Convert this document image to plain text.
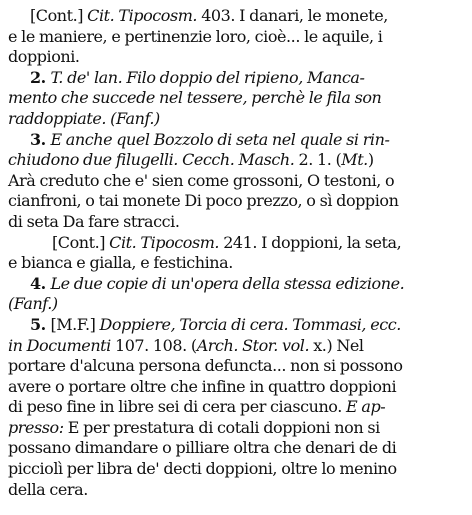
[Cont.] Cit. Tipocosm. 403. I danari, le monete,
e le maniere, e pertinenzie loro, cioè... le aquile, i
doppioni.
2. T. de' lan. Filo doppio del ripieno, Manca-
mento che succede nel tessere, perchè le fila son
raddoppiate. (Fanf.)
3. E anche quel Bozzolo di seta nel quale si rin-
chiudono due filugelli. Cecch. Masch. 2. 1. (Mt.)
Arà creduto che e' sien come grossoni, O testoni, o
cianfroni, o tai monete Di poco prezzo, o sì doppion
di seta Da fare stracci.
[Cont.] Cit. Tipocosm. 241. I doppioni, la seta,
e bianca e gialla, e festichina.
4. Le due copie di un'opera della stessa edizione.
(Fanf.)
5. [M.F.] Doppiere, Torcia di cera. Tommasi, ecc.
in Documenti 107. 108. (Arch. Stor. vol. x.) Nel
portare d'alcuna persona defuncta... non si possono
avere o portare oltre che infine in quattro doppioni
di peso fine in libre sei di cera per ciascuno. E ap-
presso: E per prestatura di cotali doppioni non si
possano dimandare o pilliare oltra che denari de di
picciolì per libra de' decti doppioni, oltre lo menino
della cera.
